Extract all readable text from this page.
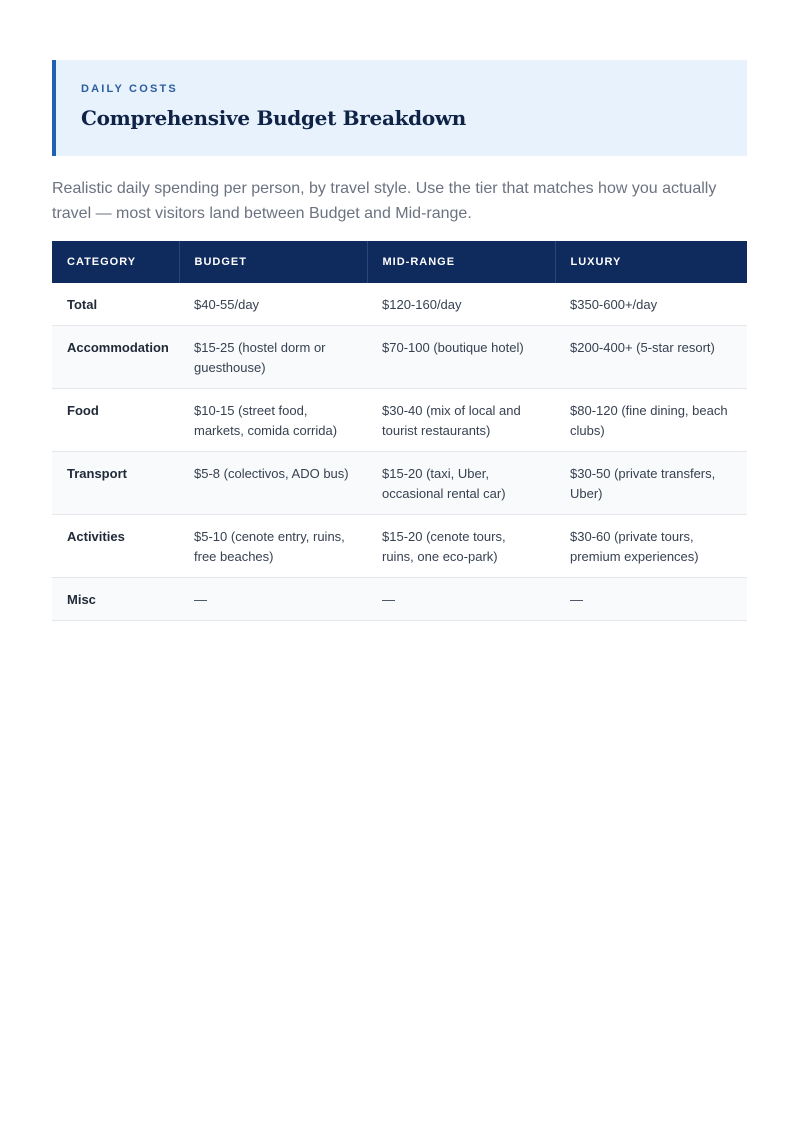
DAILY COSTS
Comprehensive Budget Breakdown

Realistic daily spending per person, by travel style. Use the tier that matches how you actually travel — most visitors land between Budget and Mid-range.

CATEGORY	BUDGET	MID-RANGE	LUXURY
Total	$40-55/day	$120-160/day	$350-600+/day
Accommodation	$15-25 (hostel dorm or guesthouse)	$70-100 (boutique hotel)	$200-400+ (5-star resort)
Food	$10-15 (street food, markets, comida corrida)	$30-40 (mix of local and tourist restaurants)	$80-120 (fine dining, beach clubs)
Transport	$5-8 (colectivos, ADO bus)	$15-20 (taxi, Uber, occasional rental car)	$30-50 (private transfers, Uber)
Activities	$5-10 (cenote entry, ruins, free beaches)	$15-20 (cenote tours, ruins, one eco-park)	$30-60 (private tours, premium experiences)
Misc	—	—	—
